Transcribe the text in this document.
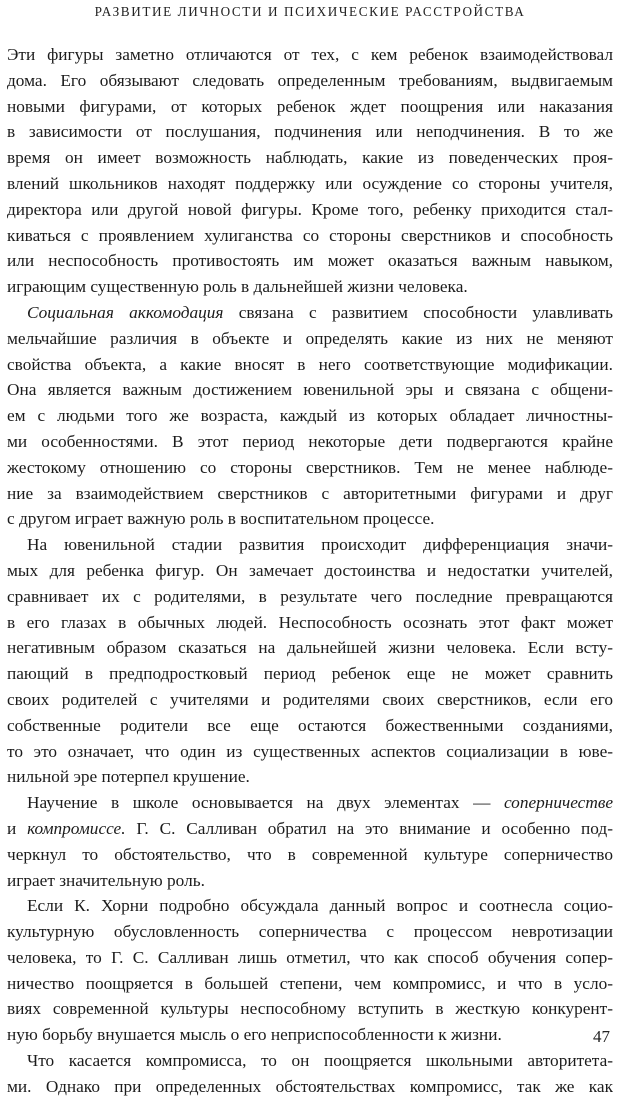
РАЗВИТИЕ ЛИЧНОСТИ И ПСИХИЧЕСКИЕ РАССТРОЙСТВА
Эти фигуры заметно отличаются от тех, с кем ребенок взаимодействовал
дома. Его обязывают следовать определенным требованиям, выдвигаемым
новыми фигурами, от которых ребенок ждет поощрения или наказания
в зависимости от послушания, подчинения или неподчинения. В то же
время он имеет возможность наблюдать, какие из поведенческих проя-
влений школьников находят поддержку или осуждение со стороны учителя,
директора или другой новой фигуры. Кроме того, ребенку приходится стал-
киваться с проявлением хулиганства со стороны сверстников и способность
или неспособность противостоять им может оказаться важным навыком,
играющим существенную роль в дальнейшей жизни человека.
Социальная аккомодация связана с развитием способности улавливать
мельчайшие различия в объекте и определять какие из них не меняют
свойства объекта, а какие вносят в него соответствующие модификации.
Она является важным достижением ювенильной эры и связана с общени-
ем с людьми того же возраста, каждый из которых обладает личностны-
ми особенностями. В этот период некоторые дети подвергаются крайне
жестокому отношению со стороны сверстников. Тем не менее наблюде-
ние за взаимодействием сверстников с авторитетными фигурами и друг
с другом играет важную роль в воспитательном процессе.
На ювенильной стадии развития происходит дифференциация значи-
мых для ребенка фигур. Он замечает достоинства и недостатки учителей,
сравнивает их с родителями, в результате чего последние превращаются
в его глазах в обычных людей. Неспособность осознать этот факт может
негативным образом сказаться на дальнейшей жизни человека. Если всту-
пающий в предподростковый период ребенок еще не может сравнить
своих родителей с учителями и родителями своих сверстников, если его
собственные родители все еще остаются божественными созданиями,
то это означает, что один из существенных аспектов социализации в юве-
нильной эре потерпел крушение.
Научение в школе основывается на двух элементах — соперничестве
и компромиссе. Г. С. Салливан обратил на это внимание и особенно под-
черкнул то обстоятельство, что в современной культуре соперничество
играет значительную роль.
Если К. Хорни подробно обсуждала данный вопрос и соотнесла социо-
культурную обусловленность соперничества с процессом невротизации
человека, то Г. С. Салливан лишь отметил, что как способ обучения сопер-
ничество поощряется в большей степени, чем компромисс, и что в усло-
виях современной культуры неспособному вступить в жесткую конкурент-
ную борьбу внушается мысль о его неприспособленности к жизни.
Что касается компромисса, то он поощряется школьными авторитета-
ми. Однако при определенных обстоятельствах компромисс, так же как
47
